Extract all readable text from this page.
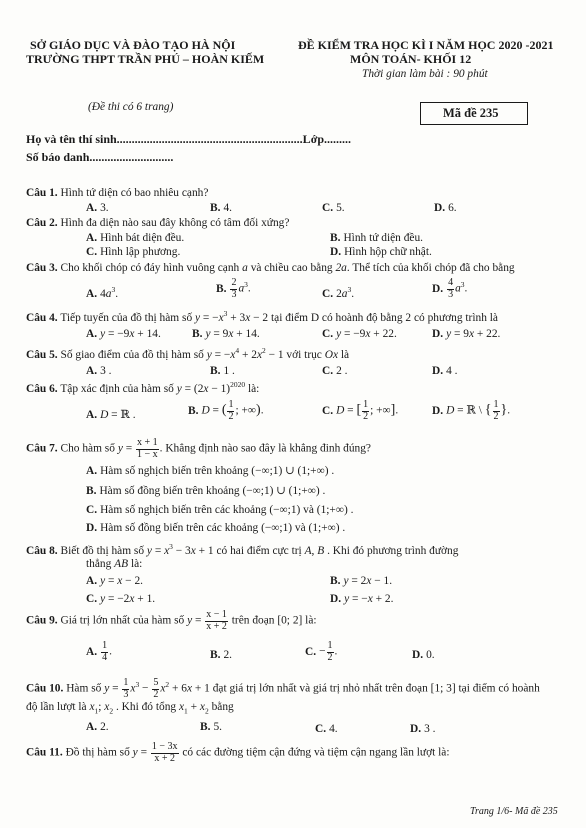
SỞ GIÁO DỤC VÀ ĐÀO TẠO HÀ NỘI
TRƯỜNG THPT TRẦN PHÚ – HOÀN KIẾM
ĐỀ KIỂM TRA HỌC KÌ I NĂM HỌC 2020 -2021
MÔN TOÁN- KHỐI 12
Thời gian làm bài : 90 phút
(Đề thi có 6 trang)	Mã đề 235
Họ và tên thí sinh..............................................................Lớp.........
Số báo danh............................
Câu 1. Hình tứ diện có bao nhiêu cạnh?
A. 3.	B. 4.	C. 5.	D. 6.
Câu 2. Hình đa diện nào sau đây không có tâm đối xứng?
A. Hình bát diện đều.	B. Hình tứ diện đều.
C. Hình lập phương.	D. Hình hộp chữ nhật.
Câu 3. Cho khối chóp có đáy hình vuông cạnh a và chiều cao bằng 2a. Thể tích của khối chóp đã cho bằng
A. $4a^3$.	B. $\frac{2}{3} a^3$.	C. $2a^3$.	D. $\frac{4}{3} a^3$.
Câu 4. Tiếp tuyến của đồ thị hàm số $y = -x^3 + 3x - 2$ tại điểm D có hoành độ bằng 2 có phương trình là
A. y = −9x + 14.	B. y = 9x + 14.	C. y = −9x + 22.	D. y = 9x + 22.
Câu 5. Số giao điểm của đồ thị hàm số $y = -x^4 + 2x^2 - 1$ với trục Ox là
A. 3 .	B. 1 .	C. 2 .	D. 4 .
Câu 6. Tập xác định của hàm số $y = (2x - 1)^{2020}$ là:
A. D = ℝ .	B. D = ( $\frac{1}{2}$ ; +∞).	C. D = [ $\frac{1}{2}$ ; +∞].	D. D = ℝ \ { $\frac{1}{2}$ }.
Câu 7. Cho hàm số $y = \frac{x + 1}{1 - x}$ . Khẳng định nào sao đây là khẳng đinh đúng?
A. Hàm số nghịch biến trên khoảng (−∞;1) ∪ (1;+∞) .
B. Hàm số đồng biến trên khoảng (−∞;1) ∪ (1;+∞) .
C. Hàm số nghịch biến trên các khoảng (−∞;1) và (1;+∞) .
D. Hàm số đồng biến trên các khoảng (−∞;1) và (1;+∞) .
Câu 8. Biết đồ thị hàm số $y = x^3 - 3x + 1$ có hai điểm cực trị A, B . Khi đó phương trình đường
thẳng AB là:
A. y = x − 2.	B. y = 2x − 1.
C. y = −2x + 1.	D. y = −x + 2.
Câu 9. Giá trị lớn nhất của hàm số $y = \frac{x - 1}{x + 2}$ trên đoạn [0; 2] là:
A. $\frac{1}{4}$ .	B. 2.	C. − $\frac{1}{2}$ .	D. 0.
Câu 10. Hàm số $y = \frac{1}{3} x^3 - \frac{5}{2} x^2 + 6x + 1$ đạt giá trị lớn nhất và giá trị nhỏ nhất trên đoạn [1; 3] tại điểm có hoành
độ lần lượt là $x_1$; $x_2$ . Khi đó tổng $x_1 + x_2$ bằng
A. 2.	B. 5.	C. 4.	D. 3 .
Câu 11. Đồ thị hàm số $y = \frac{1 - 3x}{x + 2}$ có các đường tiệm cận đứng và tiệm cận ngang lần lượt là:
Trang 1/6- Mã đề 235
